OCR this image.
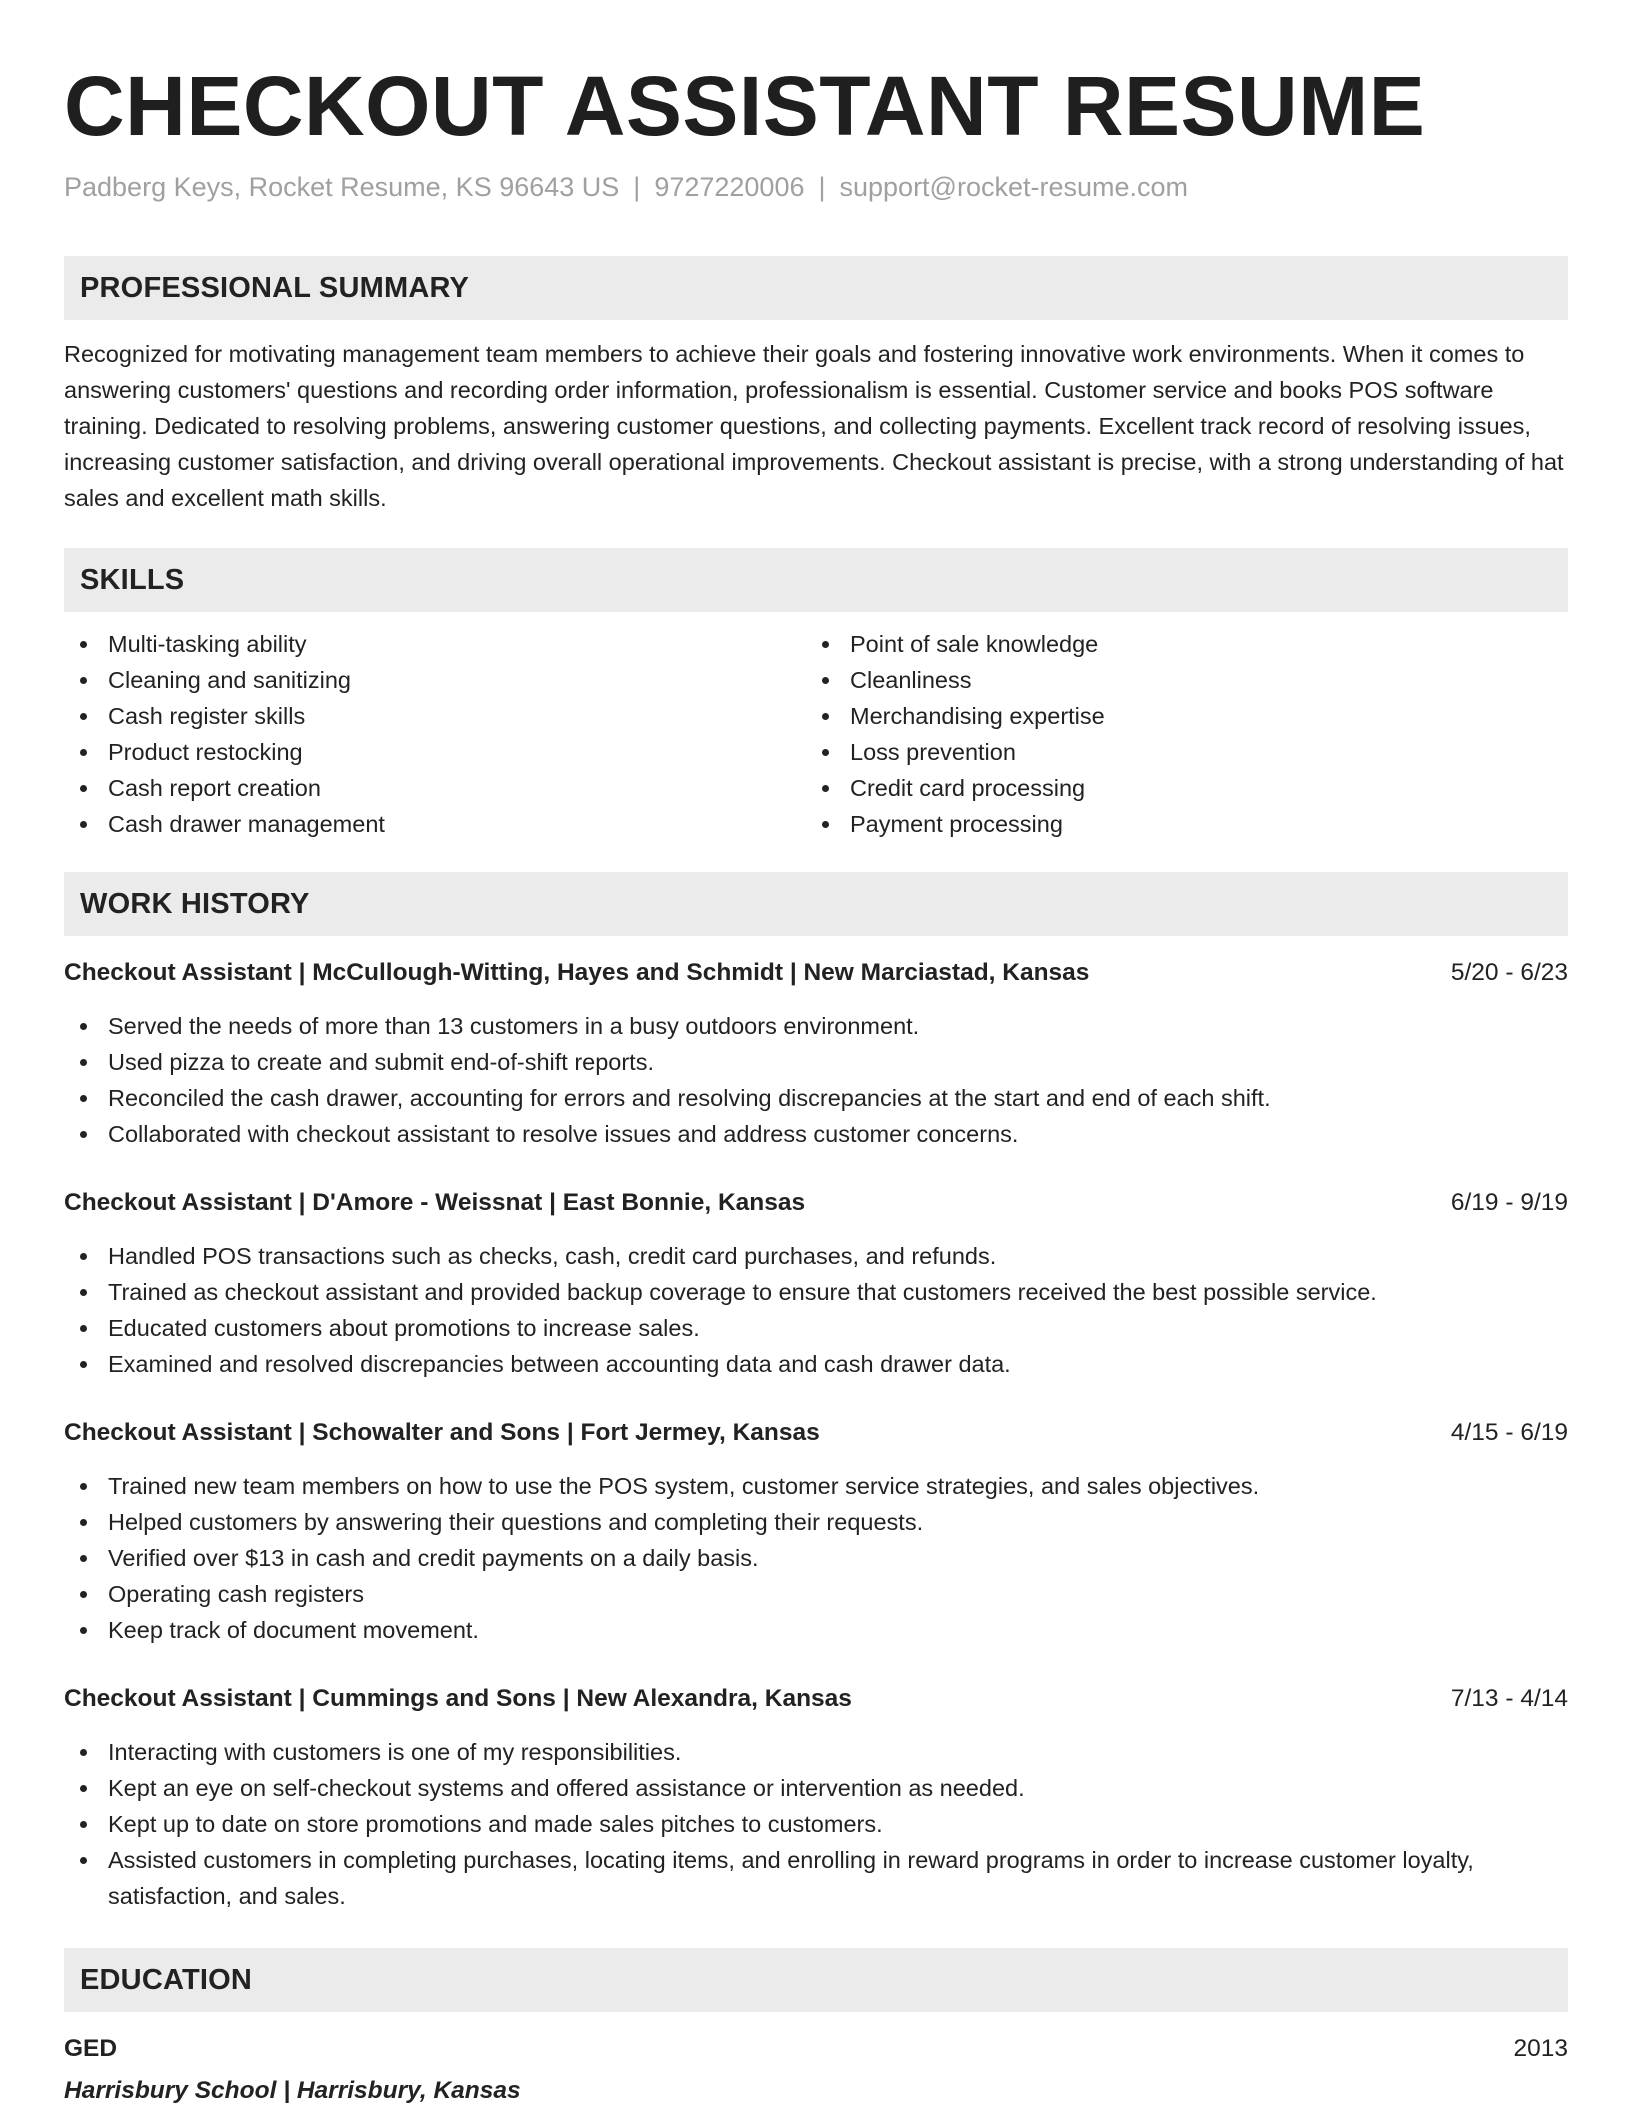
CHECKOUT ASSISTANT RESUME
Padberg Keys, Rocket Resume, KS 96643 US | 9727220006 | support@rocket-resume.com
PROFESSIONAL SUMMARY
Recognized for motivating management team members to achieve their goals and fostering innovative work environments. When it comes to answering customers' questions and recording order information, professionalism is essential. Customer service and books POS software training. Dedicated to resolving problems, answering customer questions, and collecting payments. Excellent track record of resolving issues, increasing customer satisfaction, and driving overall operational improvements. Checkout assistant is precise, with a strong understanding of hat sales and excellent math skills.
SKILLS
Multi-tasking ability
Cleaning and sanitizing
Cash register skills
Product restocking
Cash report creation
Cash drawer management
Point of sale knowledge
Cleanliness
Merchandising expertise
Loss prevention
Credit card processing
Payment processing
WORK HISTORY
Checkout Assistant | McCullough-Witting, Hayes and Schmidt | New Marciastad, Kansas	5/20 - 6/23
Served the needs of more than 13 customers in a busy outdoors environment.
Used pizza to create and submit end-of-shift reports.
Reconciled the cash drawer, accounting for errors and resolving discrepancies at the start and end of each shift.
Collaborated with checkout assistant to resolve issues and address customer concerns.
Checkout Assistant | D'Amore - Weissnat | East Bonnie, Kansas	6/19 - 9/19
Handled POS transactions such as checks, cash, credit card purchases, and refunds.
Trained as checkout assistant and provided backup coverage to ensure that customers received the best possible service.
Educated customers about promotions to increase sales.
Examined and resolved discrepancies between accounting data and cash drawer data.
Checkout Assistant | Schowalter and Sons | Fort Jermey, Kansas	4/15 - 6/19
Trained new team members on how to use the POS system, customer service strategies, and sales objectives.
Helped customers by answering their questions and completing their requests.
Verified over $13 in cash and credit payments on a daily basis.
Operating cash registers
Keep track of document movement.
Checkout Assistant | Cummings and Sons | New Alexandra, Kansas	7/13 - 4/14
Interacting with customers is one of my responsibilities.
Kept an eye on self-checkout systems and offered assistance or intervention as needed.
Kept up to date on store promotions and made sales pitches to customers.
Assisted customers in completing purchases, locating items, and enrolling in reward programs in order to increase customer loyalty, satisfaction, and sales.
EDUCATION
GED	2013
Harrisbury School | Harrisbury, Kansas
